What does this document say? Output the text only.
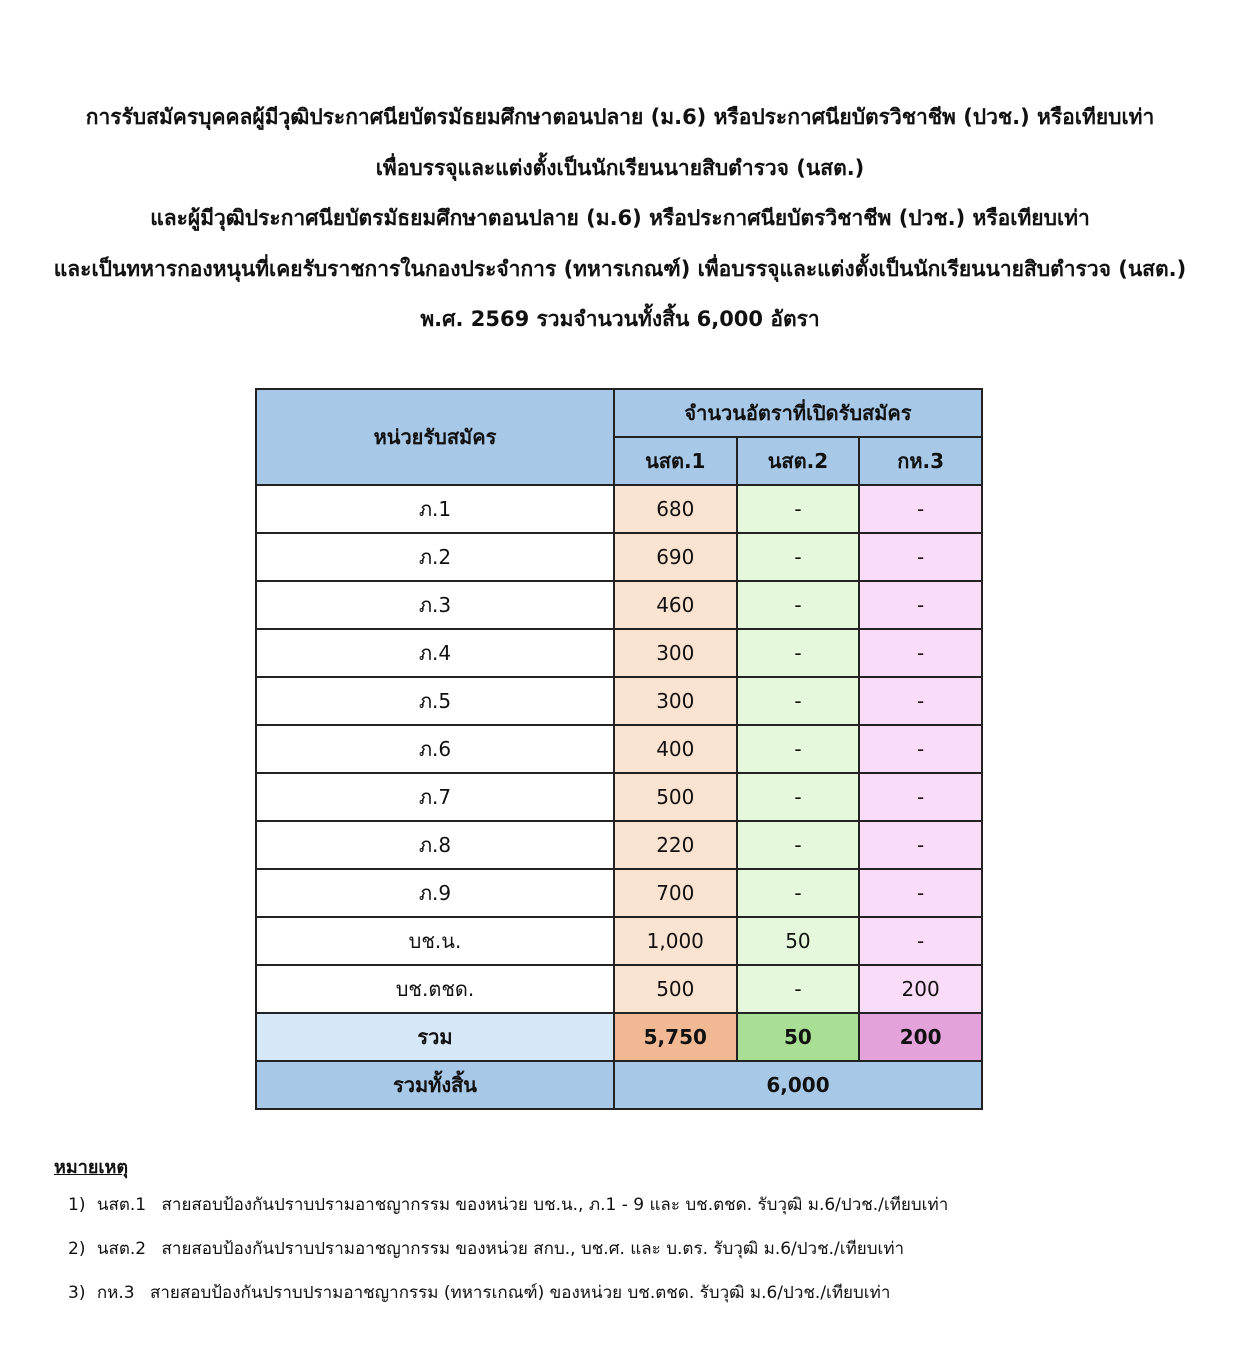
การรับสมัครบุคคลผู้มีวุฒิประกาศนียบัตรมัธยมศึกษาตอนปลาย (ม.6) หรือประกาศนียบัตรวิชาชีพ (ปวช.) หรือเทียบเท่า
เพื่อบรรจุและแต่งตั้งเป็นนักเรียนนายสิบตำรวจ (นสต.)
และผู้มีวุฒิประกาศนียบัตรมัธยมศึกษาตอนปลาย (ม.6) หรือประกาศนียบัตรวิชาชีพ (ปวช.) หรือเทียบเท่า
และเป็นทหารกองหนุนที่เคยรับราชการในกองประจำการ (ทหารเกณฑ์) เพื่อบรรจุและแต่งตั้งเป็นนักเรียนนายสิบตำรวจ (นสต.)
พ.ศ. 2569 รวมจำนวนทั้งสิ้น 6,000 อัตรา
หน่วยรับสมัคร	จำนวนอัตราที่เปิดรับสมัคร		
	นสต.1	นสต.2	กห.3
ภ.1	680	-	-
ภ.2	690	-	-
ภ.3	460	-	-
ภ.4	300	-	-
ภ.5	300	-	-
ภ.6	400	-	-
ภ.7	500	-	-
ภ.8	220	-	-
ภ.9	700	-	-
บช.น.	1,000	50	-
บช.ตชด.	500	-	200
รวม	5,750	50	200
รวมทั้งสิ้น	6,000		
หมายเหตุ
1) นสต.1 สายสอบป้องกันปราบปรามอาชญากรรม ของหน่วย บช.น., ภ.1 - 9 และ บช.ตชด. รับวุฒิ ม.6/ปวช./เทียบเท่า
2) นสต.2 สายสอบป้องกันปราบปรามอาชญากรรม ของหน่วย สกบ., บช.ศ. และ บ.ตร. รับวุฒิ ม.6/ปวช./เทียบเท่า
3) กห.3 สายสอบป้องกันปราบปรามอาชญากรรม (ทหารเกณฑ์) ของหน่วย บช.ตชด. รับวุฒิ ม.6/ปวช./เทียบเท่า
